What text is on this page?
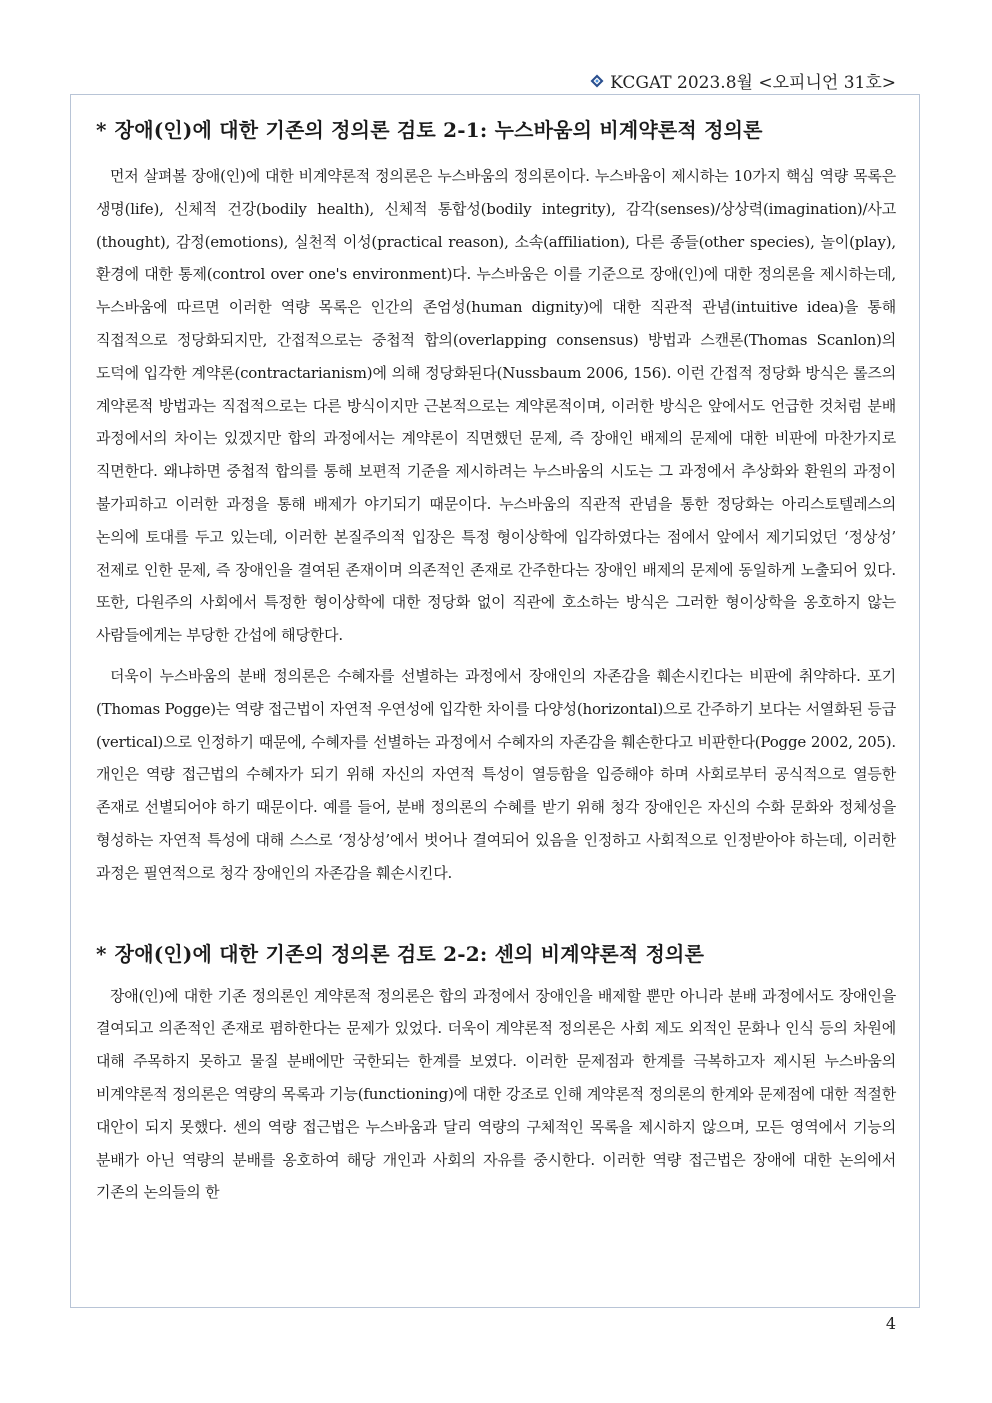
KCGAT 2023.8월 <오피니언 31호>
* 장애(인)에 대한 기존의 정의론 검토 2-1: 누스바움의 비계약론적 정의론

먼저 살펴볼 장애(인)에 대한 비계약론적 정의론은 누스바움의 정의론이다. 누스바움이 제시하는 10가지 핵심 역량 목록은 생명(life), 신체적 건강(bodily health), 신체적 통합성(bodily integrity), 감각(senses)/상상력(imagination)/사고(thought), 감정(emotions), 실천적 이성(practical reason), 소속(affiliation), 다른 종들(other species), 놀이(play), 환경에 대한 통제(control over one's environment)다. 누스바움은 이를 기준으로 장애(인)에 대한 정의론을 제시하는데, 누스바움에 따르면 이러한 역량 목록은 인간의 존엄성(human dignity)에 대한 직관적 관념(intuitive idea)을 통해 직접적으로 정당화되지만, 간접적으로는 중첩적 합의(overlapping consensus) 방법과 스캔론(Thomas Scanlon)의 도덕에 입각한 계약론(contractarianism)에 의해 정당화된다(Nussbaum 2006, 156). 이런 간접적 정당화 방식은 롤즈의 계약론적 방법과는 직접적으로는 다른 방식이지만 근본적으로는 계약론적이며, 이러한 방식은 앞에서도 언급한 것처럼 분배 과정에서의 차이는 있겠지만 합의 과정에서는 계약론이 직면했던 문제, 즉 장애인 배제의 문제에 대한 비판에 마찬가지로 직면한다. 왜냐하면 중첩적 합의를 통해 보편적 기준을 제시하려는 누스바움의 시도는 그 과정에서 추상화와 환원의 과정이 불가피하고 이러한 과정을 통해 배제가 야기되기 때문이다. 누스바움의 직관적 관념을 통한 정당화는 아리스토텔레스의 논의에 토대를 두고 있는데, 이러한 본질주의적 입장은 특정 형이상학에 입각하였다는 점에서 앞에서 제기되었던 ‘정상성’ 전제로 인한 문제, 즉 장애인을 결여된 존재이며 의존적인 존재로 간주한다는 장애인 배제의 문제에 동일하게 노출되어 있다. 또한, 다원주의 사회에서 특정한 형이상학에 대한 정당화 없이 직관에 호소하는 방식은 그러한 형이상학을 옹호하지 않는 사람들에게는 부당한 간섭에 해당한다.

더욱이 누스바움의 분배 정의론은 수혜자를 선별하는 과정에서 장애인의 자존감을 훼손시킨다는 비판에 취약하다. 포기(Thomas Pogge)는 역량 접근법이 자연적 우연성에 입각한 차이를 다양성(horizontal)으로 간주하기 보다는 서열화된 등급(vertical)으로 인정하기 때문에, 수혜자를 선별하는 과정에서 수혜자의 자존감을 훼손한다고 비판한다(Pogge 2002, 205). 개인은 역량 접근법의 수혜자가 되기 위해 자신의 자연적 특성이 열등함을 입증해야 하며 사회로부터 공식적으로 열등한 존재로 선별되어야 하기 때문이다. 예를 들어, 분배 정의론의 수혜를 받기 위해 청각 장애인은 자신의 수화 문화와 정체성을 형성하는 자연적 특성에 대해 스스로 ‘정상성’에서 벗어나 결여되어 있음을 인정하고 사회적으로 인정받아야 하는데, 이러한 과정은 필연적으로 청각 장애인의 자존감을 훼손시킨다.

* 장애(인)에 대한 기존의 정의론 검토 2-2: 센의 비계약론적 정의론

장애(인)에 대한 기존 정의론인 계약론적 정의론은 합의 과정에서 장애인을 배제할 뿐만 아니라 분배 과정에서도 장애인을 결여되고 의존적인 존재로 폄하한다는 문제가 있었다. 더욱이 계약론적 정의론은 사회 제도 외적인 문화나 인식 등의 차원에 대해 주목하지 못하고 물질 분배에만 국한되는 한계를 보였다. 이러한 문제점과 한계를 극복하고자 제시된 누스바움의 비계약론적 정의론은 역량의 목록과 기능(functioning)에 대한 강조로 인해 계약론적 정의론의 한계와 문제점에 대한 적절한 대안이 되지 못했다. 센의 역량 접근법은 누스바움과 달리 역량의 구체적인 목록을 제시하지 않으며, 모든 영역에서 기능의 분배가 아닌 역량의 분배를 옹호하여 해당 개인과 사회의 자유를 중시한다. 이러한 역량 접근법은 장애에 대한 논의에서 기존의 논의들의 한

4
